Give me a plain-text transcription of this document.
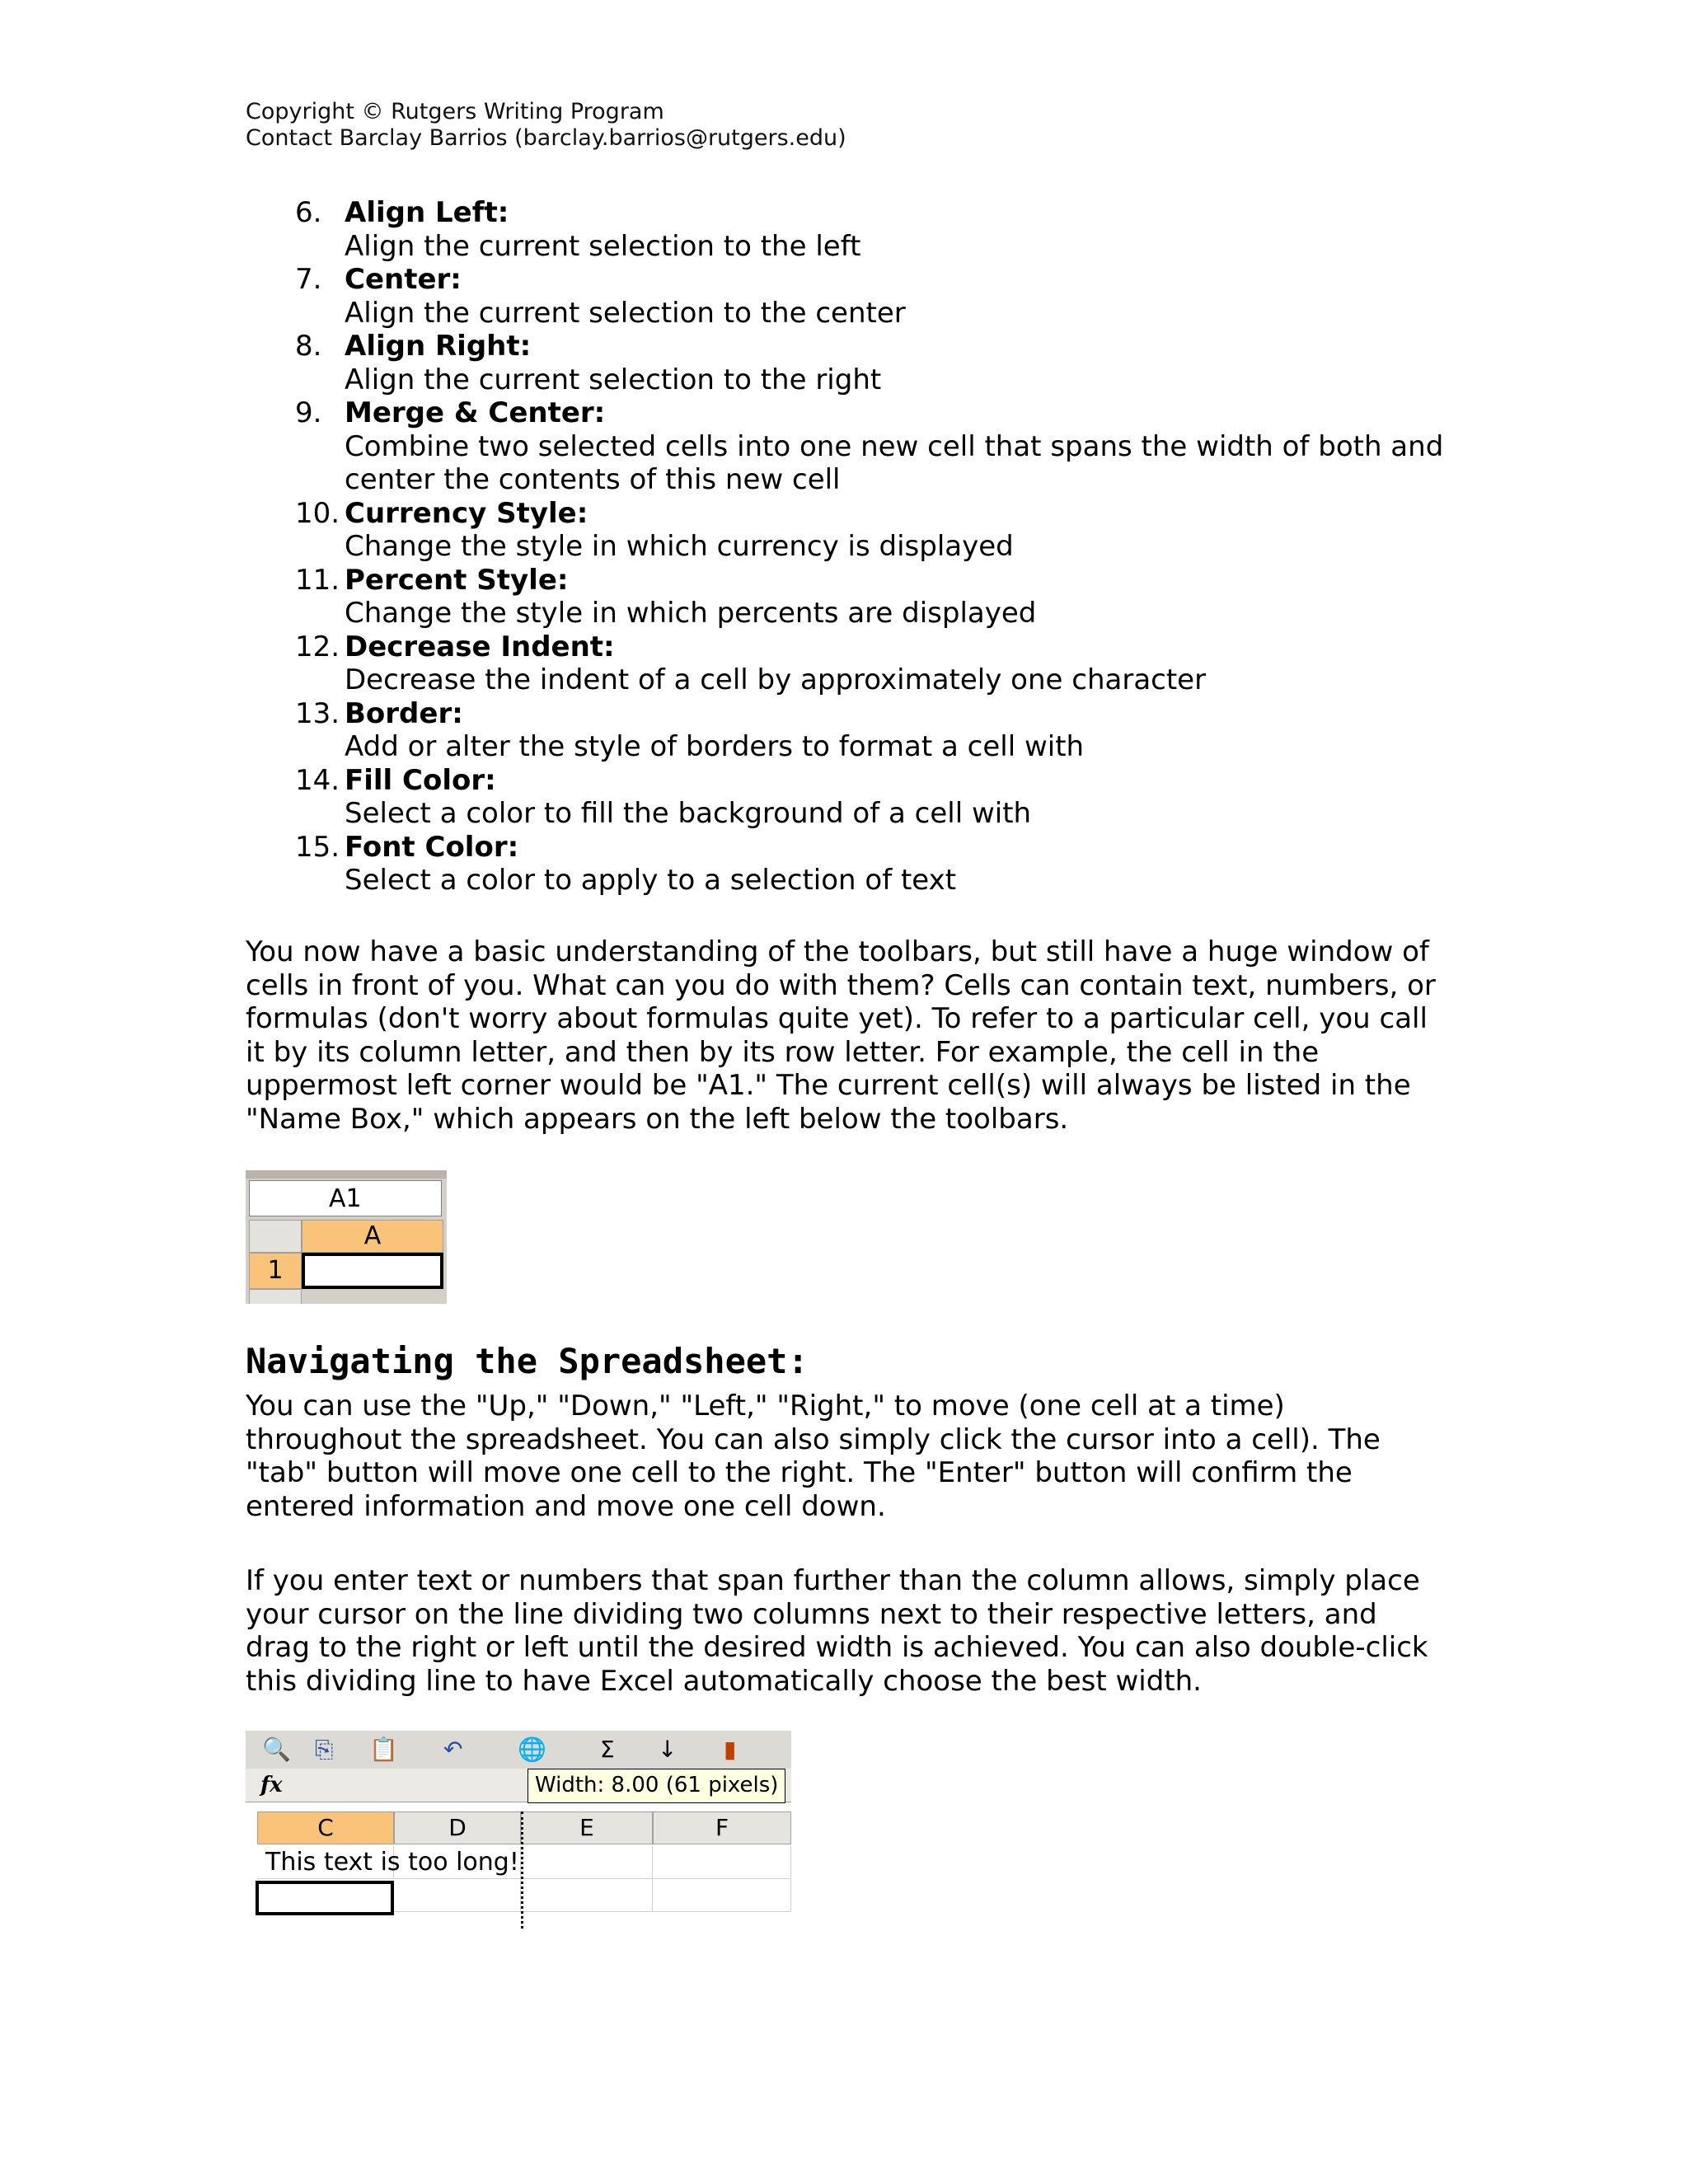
Copyright © Rutgers Writing Program
Contact Barclay Barrios (barclay.barrios@rutgers.edu)
6. Align Left:
Align the current selection to the left
7. Center:
Align the current selection to the center
8. Align Right:
Align the current selection to the right
9. Merge & Center:
Combine two selected cells into one new cell that spans the width of both and center the contents of this new cell
10. Currency Style:
Change the style in which currency is displayed
11. Percent Style:
Change the style in which percents are displayed
12. Decrease Indent:
Decrease the indent of a cell by approximately one character
13. Border:
Add or alter the style of borders to format a cell with
14. Fill Color:
Select a color to fill the background of a cell with
15. Font Color:
Select a color to apply to a selection of text
You now have a basic understanding of the toolbars, but still have a huge window of cells in front of you. What can you do with them? Cells can contain text, numbers, or formulas (don't worry about formulas quite yet). To refer to a particular cell, you call it by its column letter, and then by its row letter. For example, the cell in the uppermost left corner would be "A1." The current cell(s) will always be listed in the "Name Box," which appears on the left below the toolbars.
A1
A
1
Navigating the Spreadsheet:
You can use the "Up," "Down," "Left," "Right," to move (one cell at a time) throughout the spreadsheet. You can also simply click the cursor into a cell). The "tab" button will move one cell to the right. The "Enter" button will confirm the entered information and move one cell down.
If you enter text or numbers that span further than the column allows, simply place your cursor on the line dividing two columns next to their respective letters, and drag to the right or left until the desired width is achieved. You can also double-click this dividing line to have Excel automatically choose the best width.
🔍 ⎘ 📋 ↶ 🌐 Σ ↓ ▮
fx	Width: 8.00 (61 pixels)
C	D	E	F
This text is too long!
